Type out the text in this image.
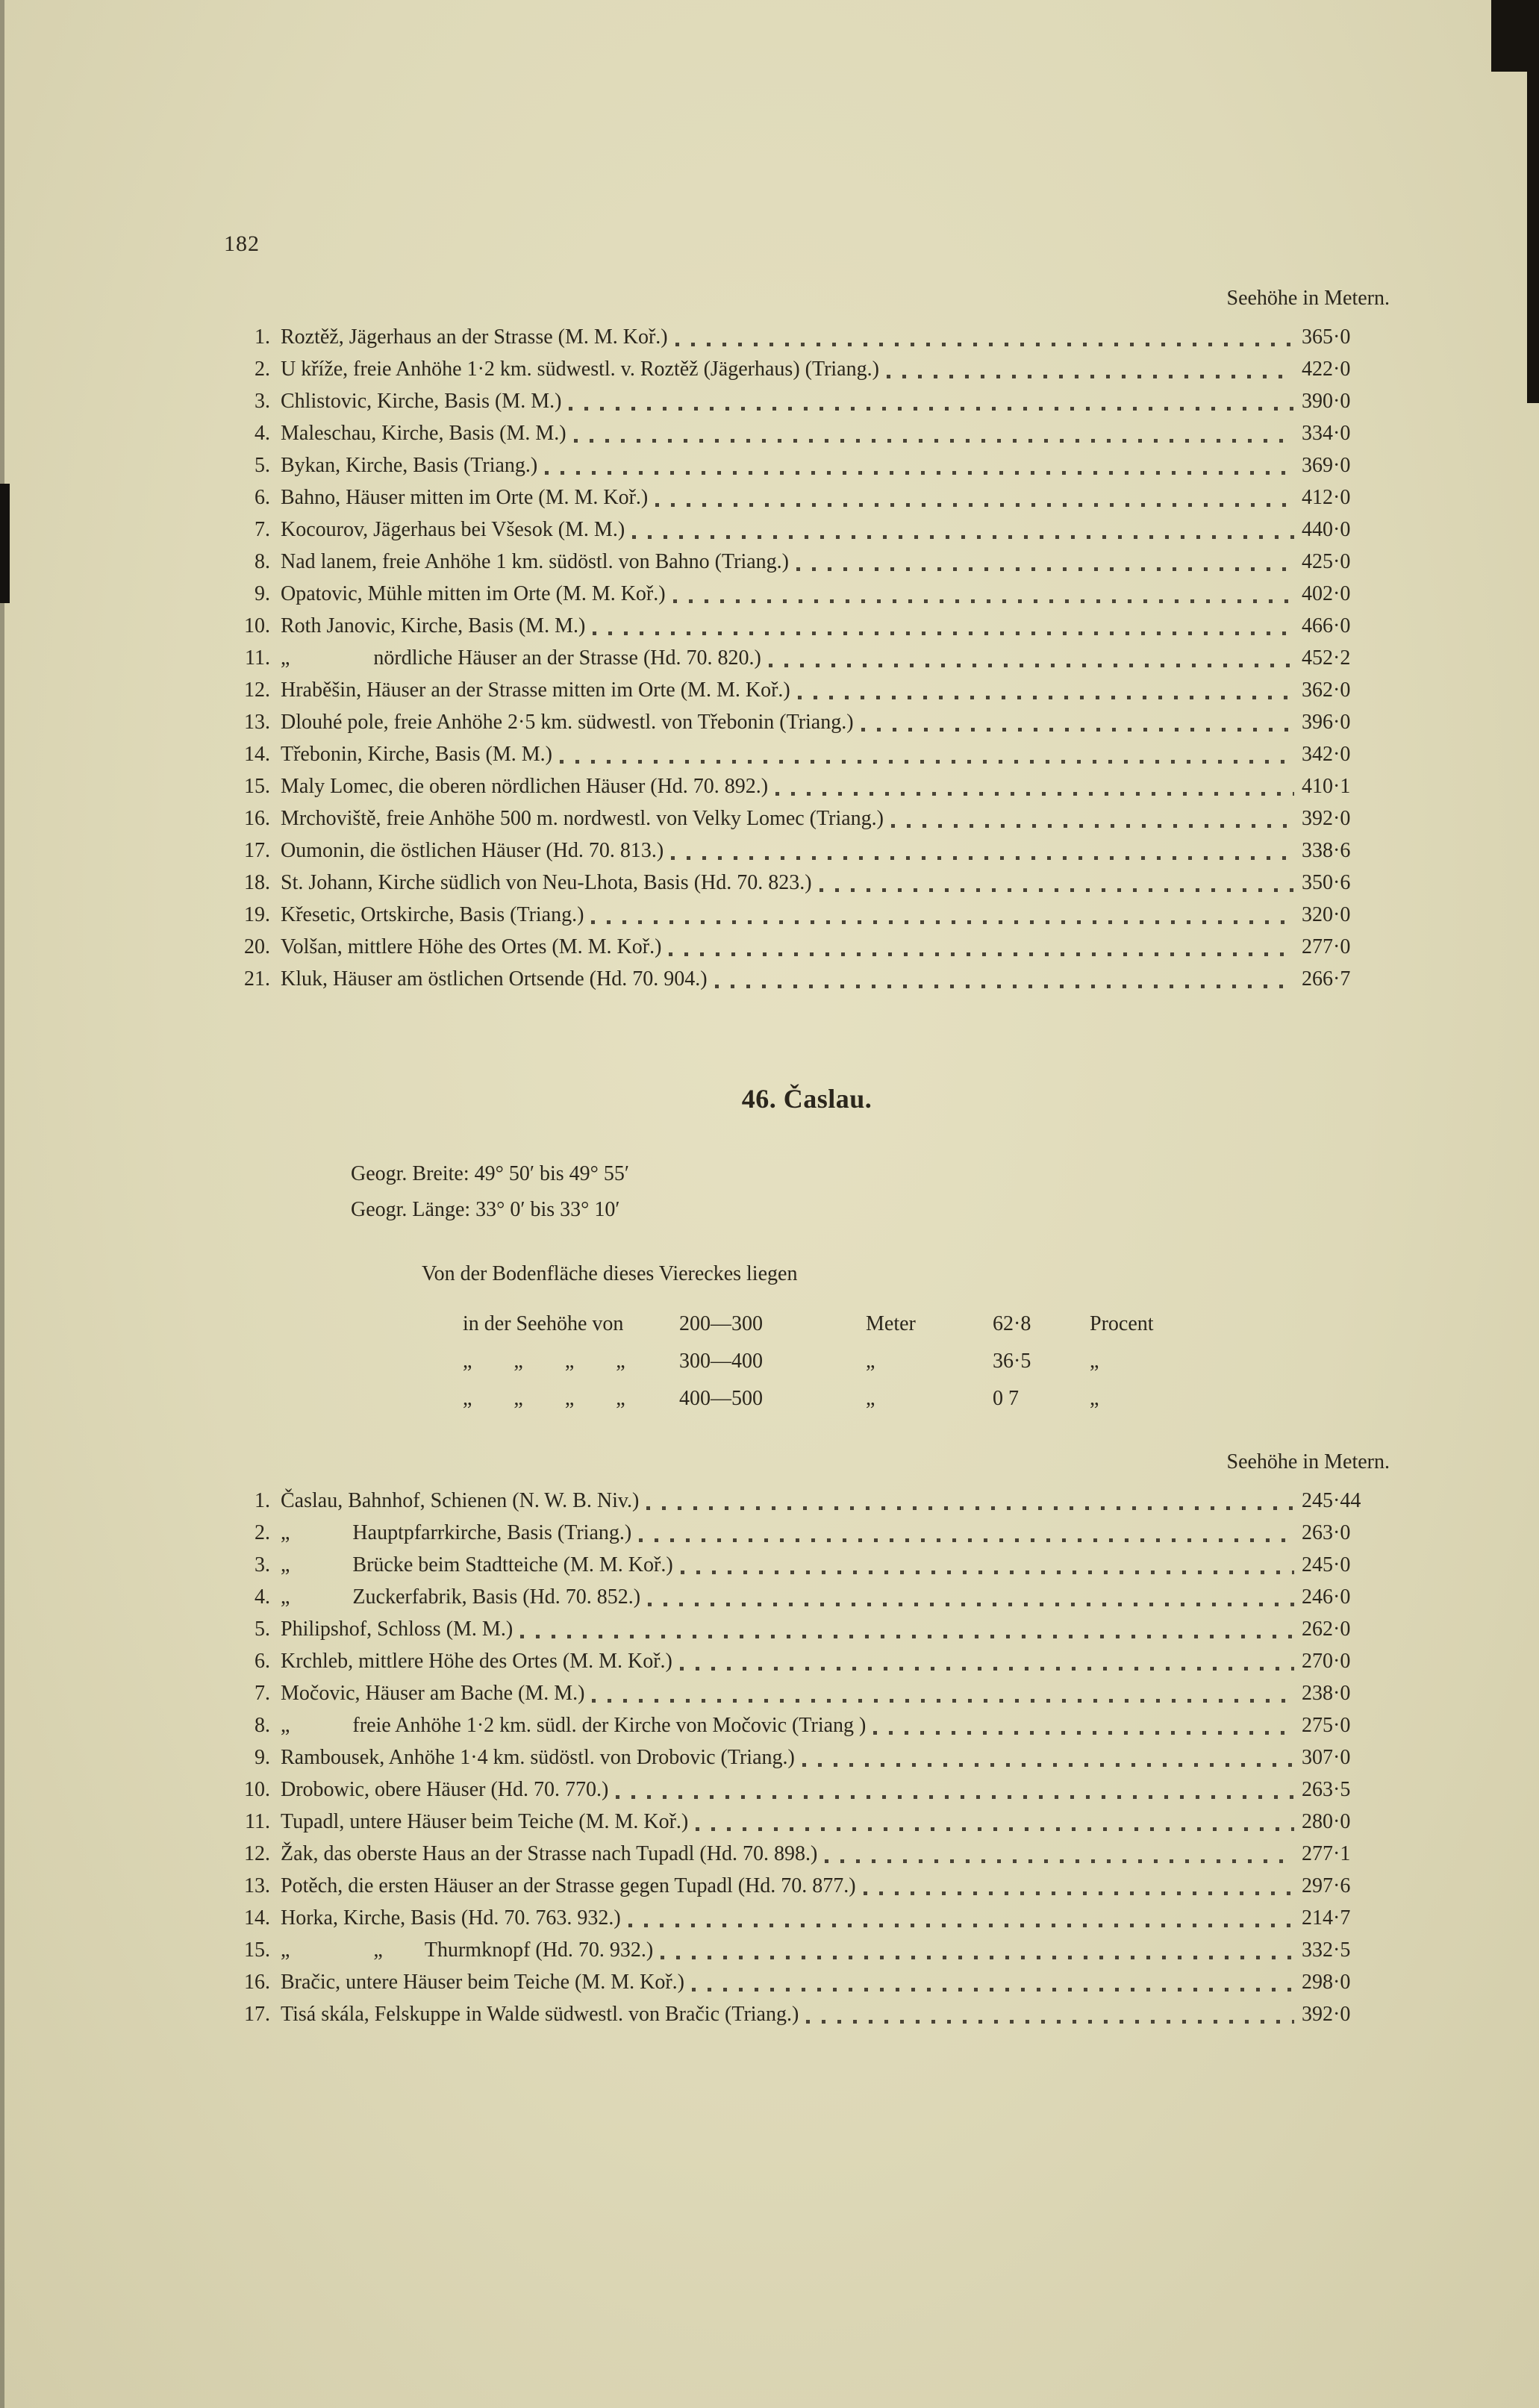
182
Seehöhe in Metern.
1. Roztěž, Jägerhaus an der Strasse (M. M. Koř.)	365·0
2. U kříže, freie Anhöhe 1·2 km. südwestl. v. Roztěž (Jägerhaus) (Triang.)	422·0
3. Chlistovic, Kirche, Basis (M. M.)	390·0
4. Maleschau, Kirche, Basis (M. M.)	334·0
5. Bykan, Kirche, Basis (Triang.)	369·0
6. Bahno, Häuser mitten im Orte (M. M. Koř.)	412·0
7. Kocourov, Jägerhaus bei Všesok (M. M.)	440·0
8. Nad lanem, freie Anhöhe 1 km. südöstl. von Bahno (Triang.)	425·0
9. Opatovic, Mühle mitten im Orte (M. M. Koř.)	402·0
10. Roth Janovic, Kirche, Basis (M. M.)	466·0
11. „    nördliche Häuser an der Strasse (Hd. 70. 820.)	452·2
12. Hraběšin, Häuser an der Strasse mitten im Orte (M. M. Koř.)	362·0
13. Dlouhé pole, freie Anhöhe 2·5 km. südwestl. von Třebonin (Triang.)	396·0
14. Třebonin, Kirche, Basis (M. M.)	342·0
15. Maly Lomec, die oberen nördlichen Häuser (Hd. 70. 892.)	410·1
16. Mrchoviště, freie Anhöhe 500 m. nordwestl. von Velky Lomec (Triang.)	392·0
17. Oumonin, die östlichen Häuser (Hd. 70. 813.)	338·6
18. St. Johann, Kirche südlich von Neu-Lhota, Basis (Hd. 70. 823.)	350·6
19. Křesetic, Ortskirche, Basis (Triang.)	320·0
20. Volšan, mittlere Höhe des Ortes (M. M. Koř.)	277·0
21. Kluk, Häuser am östlichen Ortsende (Hd. 70. 904.)	266·7
46. Časlau.
Geogr. Breite: 49° 50′ bis 49° 55′
Geogr. Länge: 33° 0′ bis 33° 10′
Von der Bodenfläche dieses Viereckes liegen
in der Seehöhe von	200—300	Meter	62·8	Procent
„  „  „  „	300—400	„	36·5	„
„  „  „  „	400—500	„	0 7	„
Seehöhe in Metern.
1. Časlau, Bahnhof, Schienen (N. W. B. Niv.)	245·44
2. „   Hauptpfarrkirche, Basis (Triang.)	263·0
3. „   Brücke beim Stadtteiche (M. M. Koř.)	245·0
4. „   Zuckerfabrik, Basis (Hd. 70. 852.)	246·0
5. Philipshof, Schloss (M. M.)	262·0
6. Krchleb, mittlere Höhe des Ortes (M. M. Koř.)	270·0
7. Močovic, Häuser am Bache (M. M.)	238·0
8. „   freie Anhöhe 1·2 km. südl. der Kirche von Močovic (Triang )	275·0
9. Rambousek, Anhöhe 1·4 km. südöstl. von Drobovic (Triang.)	307·0
10. Drobowic, obere Häuser (Hd. 70. 770.)	263·5
11. Tupadl, untere Häuser beim Teiche (M. M. Koř.)	280·0
12. Žak, das oberste Haus an der Strasse nach Tupadl (Hd. 70. 898.)	277·1
13. Potěch, die ersten Häuser an der Strasse gegen Tupadl (Hd. 70. 877.)	297·6
14. Horka, Kirche, Basis (Hd. 70. 763. 932.)	214·7
15. „    „  Thurmknopf (Hd. 70. 932.)	332·5
16. Bračic, untere Häuser beim Teiche (M. M. Koř.)	298·0
17. Tisá skála, Felskuppe in Walde südwestl. von Bračic (Triang.)	392·0
